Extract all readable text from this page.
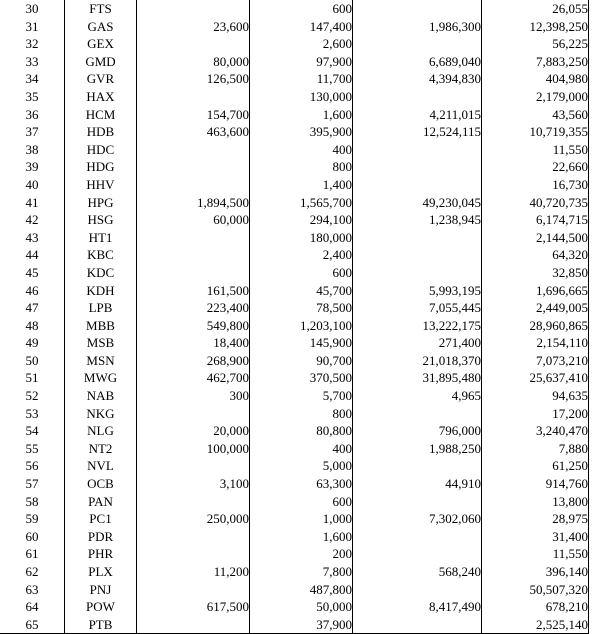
30	FTS		600		26,055
31	GAS	23,600	147,400	1,986,300	12,398,250
32	GEX		2,600		56,225
33	GMD	80,000	97,900	6,689,040	7,883,250
34	GVR	126,500	11,700	4,394,830	404,980
35	HAX		130,000		2,179,000
36	HCM	154,700	1,600	4,211,015	43,560
37	HDB	463,600	395,900	12,524,115	10,719,355
38	HDC		400		11,550
39	HDG		800		22,660
40	HHV		1,400		16,730
41	HPG	1,894,500	1,565,700	49,230,045	40,720,735
42	HSG	60,000	294,100	1,238,945	6,174,715
43	HT1		180,000		2,144,500
44	KBC		2,400		64,320
45	KDC		600		32,850
46	KDH	161,500	45,700	5,993,195	1,696,665
47	LPB	223,400	78,500	7,055,445	2,449,005
48	MBB	549,800	1,203,100	13,222,175	28,960,865
49	MSB	18,400	145,900	271,400	2,154,110
50	MSN	268,900	90,700	21,018,370	7,073,210
51	MWG	462,700	370,500	31,895,480	25,637,410
52	NAB	300	5,700	4,965	94,635
53	NKG		800		17,200
54	NLG	20,000	80,800	796,000	3,240,470
55	NT2	100,000	400	1,988,250	7,880
56	NVL		5,000		61,250
57	OCB	3,100	63,300	44,910	914,760
58	PAN		600		13,800
59	PC1	250,000	1,000	7,302,060	28,975
60	PDR		1,600		31,400
61	PHR		200		11,550
62	PLX	11,200	7,800	568,240	396,140
63	PNJ		487,800		50,507,320
64	POW	617,500	50,000	8,417,490	678,210
65	PTB		37,900		2,525,140
